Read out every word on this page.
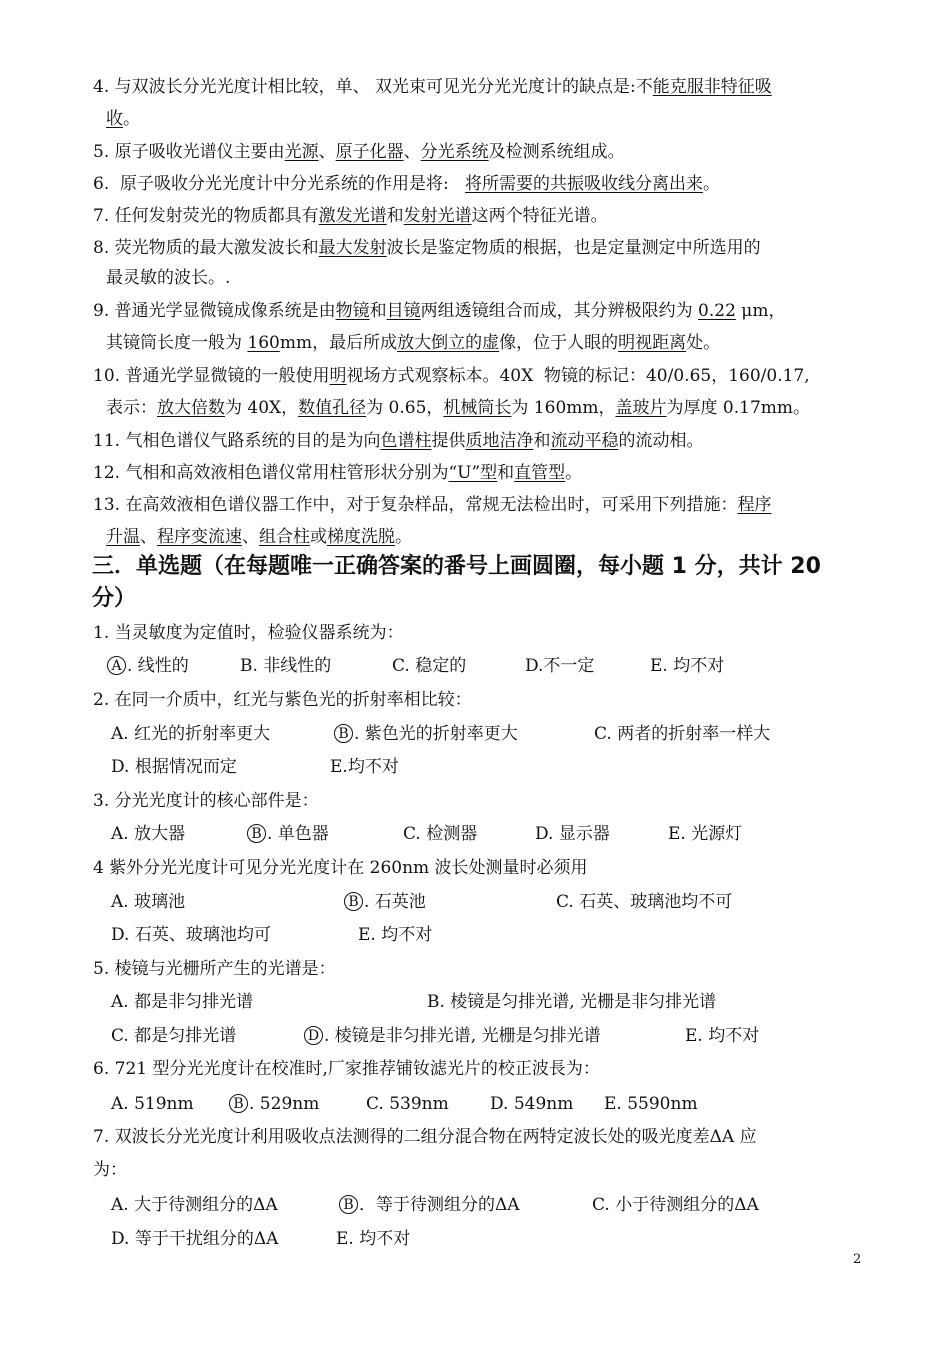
4. 与双波长分光光度计相比较，单、 双光束可见光分光光度计的缺点是:不能克服非特征吸
收。
5. 原子吸收光谱仪主要由光源、原子化器、分光系统及检测系统组成。
6.  原子吸收分光光度计中分光系统的作用是将:   将所需要的共振吸收线分离出来。
7. 任何发射荧光的物质都具有激发光谱和发射光谱这两个特征光谱。
8. 荧光物质的最大激发波长和最大发射波长是鉴定物质的根据，也是定量测定中所选用的
最灵敏的波长。.
9. 普通光学显微镜成像系统是由物镜和目镜两组透镜组合而成，其分辨极限约为 0.22 μm，
其镜筒长度一般为 160mm，最后所成放大倒立的虚像，位于人眼的明视距离处。
10. 普通光学显微镜的一般使用明视场方式观察标本。40X  物镜的标记：40/0.65，160/0.17,
表示：放大倍数为 40X，数值孔径为 0.65，机械筒长为 160mm，盖玻片为厚度 0.17mm。
11. 气相色谱仪气路系统的目的是为向色谱柱提供质地洁净和流动平稳的流动相。
12. 气相和高效液相色谱仪常用柱管形状分别为“U”型和直管型。
13. 在高效液相色谱仪器工作中，对于复杂样品，常规无法检出时，可采用下列措施：程序
升温、程序变流速、组合柱或梯度洗脱。
三．单选题（在每题唯一正确答案的番号上画圆圈，每小题 1 分，共计 20
分）
1. 当灵敏度为定值时，检验仪器系统为：
A . 线性的	B. 非线性的	C. 稳定的	D.不一定	E. 均不对
2. 在同一介质中，红光与紫色光的折射率相比较：
A. 红光的折射率更大	B . 紫色光的折射率更大	C. 两者的折射率一样大
D. 根据情况而定	E.均不对
3. 分光光度计的核心部件是：
A. 放大器	B . 单色器	C. 检测器	D. 显示器	E. 光源灯
4 紫外分光光度计可见分光光度计在 260nm 波长处测量时必须用
A. 玻璃池	B . 石英池	C. 石英、玻璃池均不可
D. 石英、玻璃池均可	E. 均不对
5. 棱镜与光栅所产生的光谱是：
A. 都是非匀排光谱	B. 棱镜是匀排光谱, 光栅是非匀排光谱
C. 都是匀排光谱	D . 棱镜是非匀排光谱, 光栅是匀排光谱	E. 均不对
6. 721 型分光光度计在校准时,厂家推荐铺钕滤光片的校正波長为：
A. 519nm	B . 529nm	C. 539nm D. 549nm E. 5590nm
7. 双波长分光光度计利用吸收点法测得的二组分混合物在两特定波长处的吸光度差ΔA 应
为：
A. 大于待测组分的ΔA	B ．等于待测组分的ΔA	C. 小于待测组分的ΔA
D. 等于干扰组分的ΔA	E. 均不对
2
